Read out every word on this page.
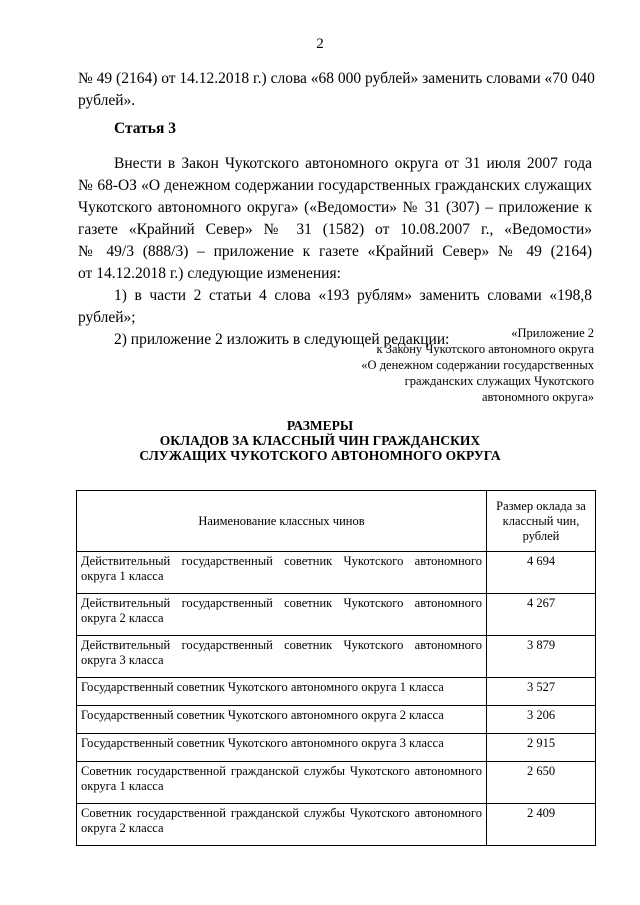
2
№ 49 (2164) от 14.12.2018 г.) слова «68 000 рублей» заменить словами «70 040
рублей».
Статья 3
Внести в Закон Чукотского автономного округа от 31 июля 2007 года
№ 68-ОЗ «О денежном содержании государственных гражданских служащих
Чукотского автономного округа» («Ведомости» № 31 (307) – приложение к
газете «Крайний Север» № 31 (1582) от 10.08.2007 г., «Ведомости»
№ 49/3 (888/3) – приложение к газете «Крайний Север» № 49 (2164)
от 14.12.2018 г.) следующие изменения:
1) в части 2 статьи 4 слова «193 рублям» заменить словами «198,8
рублей»;
2) приложение 2 изложить в следующей редакции:	«Приложение 2
к Закону Чукотского автономного округа
«О денежном содержании государственных
гражданских служащих Чукотского
автономного округа»
РАЗМЕРЫ
ОКЛАДОВ ЗА КЛАССНЫЙ ЧИН ГРАЖДАНСКИХ
СЛУЖАЩИХ ЧУКОТСКОГО АВТОНОМНОГО ОКРУГА
Наименование классных чинов	Размер оклада за классный чин, рублей
Действительный государственный советник Чукотского автономного округа 1 класса	4 694
Действительный государственный советник Чукотского автономного округа 2 класса	4 267
Действительный государственный советник Чукотского автономного округа 3 класса	3 879
Государственный советник Чукотского автономного округа 1 класса	3 527
Государственный советник Чукотского автономного округа 2 класса	3 206
Государственный советник Чукотского автономного округа 3 класса	2 915
Советник государственной гражданской службы Чукотского автономного округа 1 класса	2 650
Советник государственной гражданской службы Чукотского автономного округа 2 класса	2 409
